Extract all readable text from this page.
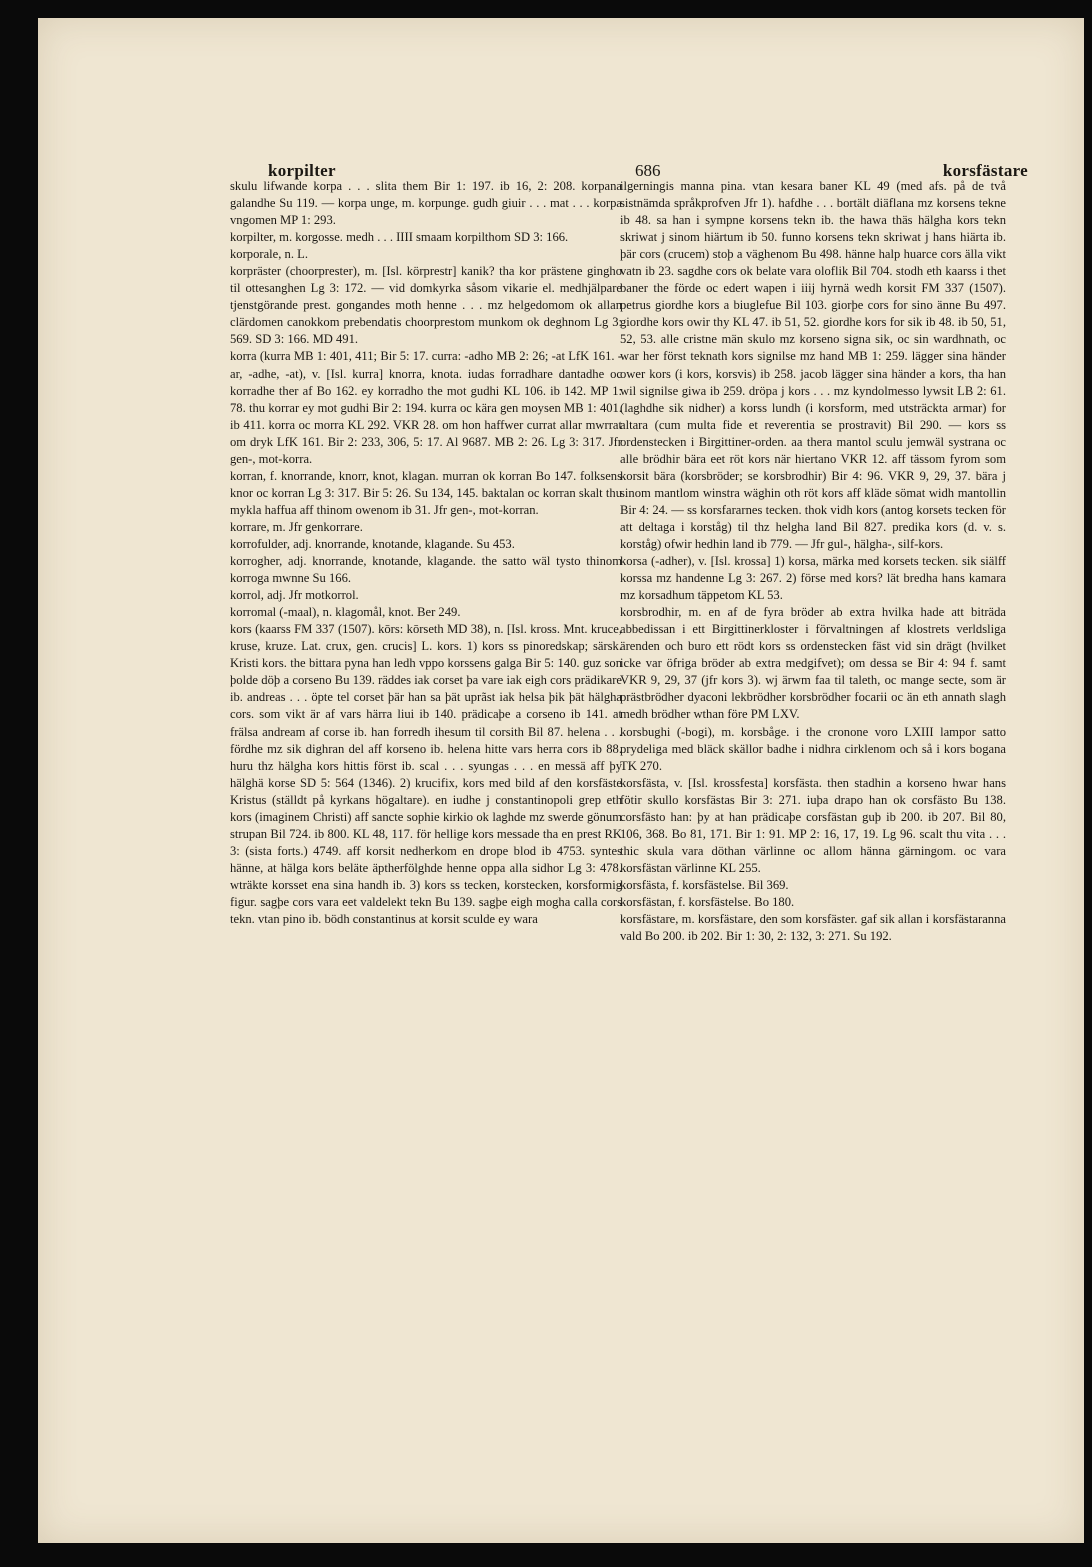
korpilter	686	korsfästare

skulu lifwande korpa . . . slita them Bir 1: 197. ib 16, 2: 208. korpana galandhe Su 119. — korpa unge, m. korpunge. gudh giuir . . . mat . . . korpa vngomen MP 1: 293.

korpilter, m. korgosse. medh . . . IIII smaam korpilthom SD 3: 166.

korporale, n. L.

korpräster (choorprester), m. [Isl. körprestr] kanik? tha kor prästene gingho til ottesanghen Lg 3: 172. — vid domkyrka såsom vikarie el. medhjälpare tjenstgörande prest. gongandes moth henne . . . mz helgedomom ok allan clärdomen canokkom prebendatis choorprestom munkom ok deghnom Lg 3: 569. SD 3: 166. MD 491.

korra (kurra MB 1: 401, 411; Bir 5: 17. curra: -adho MB 2: 26; -at LfK 161. -ar, -adhe, -at), v. [Isl. kurra] knorra, knota. iudas forradhare dantadhe oc korradhe ther af Bo 162. ey korradho the mot gudhi KL 106. ib 142. MP 1: 78. thu korrar ey mot gudhi Bir 2: 194. kurra oc kära gen moysen MB 1: 401. ib 411. korra oc morra KL 292. VKR 28. om hon haffwer currat allar mwrrat om dryk LfK 161. Bir 2: 233, 306, 5: 17. Al 9687. MB 2: 26. Lg 3: 317. Jfr gen-, mot-korra.

korran, f. knorrande, knorr, knot, klagan. murran ok korran Bo 147. folksens knor oc korran Lg 3: 317. Bir 5: 26. Su 134, 145. baktalan oc korran skalt thu mykla haffua aff thinom owenom ib 31. Jfr gen-, mot-korran.

korrare, m. Jfr genkorrare.

korrofulder, adj. knorrande, knotande, klagande. Su 453.

korrogher, adj. knorrande, knotande, klagande. the satto wäl tysto thinom korroga mwnne Su 166.

korrol, adj. Jfr motkorrol.

korromal (-maal), n. klagomål, knot. Ber 249.

kors (kaarss FM 337 (1507). kōrs: kōrseth MD 38), n. [Isl. kross. Mnt. kruce, kruse, kruze. Lat. crux, gen. crucis] L. kors. 1) kors ss pinoredskap; särsk. Kristi kors. the bittara pyna han ledh vppo korssens galga Bir 5: 140. guz son þolde döþ a corseno Bu 139. räddes iak corset þa vare iak eigh cors prädikare ib. andreas . . . öpte tel corset þär han sa þät uprãst iak helsa þik þät hälgha cors. som vikt är af vars härra liui ib 140. prädicaþe a corseno ib 141. at frälsa andream af corse ib. han forredh ihesum til corsith Bil 87. helena . . . fördhe mz sik dighran del aff korseno ib. helena hitte vars herra cors ib 88. huru thz hälgha kors hittis först ib. scal . . . syungas . . . en messä aff þy hälghä korse SD 5: 564 (1346). 2) krucifix, kors med bild af den korsfäste Kristus (ställdt på kyrkans högaltare). en iudhe j constantinopoli grep eth kors (imaginem Christi) aff sancte sophie kirkio ok laghde mz swerde gönum strupan Bil 724. ib 800. KL 48, 117. för hellige kors messade tha en prest RK 3: (sista forts.) 4749. aff korsit nedherkom en drope blod ib 4753. syntes hänne, at hälga kors beläte äptherfölghde henne oppa alla sidhor Lg 3: 478. wträkte korsset ena sina handh ib. 3) kors ss tecken, korstecken, korsformig figur. sagþe cors vara eet valdelekt tekn Bu 139. sagþe eigh mogha calla cors tekn. vtan pino ib. bödh constantinus at korsit sculde ey wara

ilgerningis manna pina. vtan kesara baner KL 49 (med afs. på de två sistnämda språkprofven Jfr 1). hafdhe . . . bortält diäflana mz korsens tekne ib 48. sa han i sympne korsens tekn ib. the hawa thäs hälgha kors tekn skriwat j sinom hiärtum ib 50. funno korsens tekn skriwat j hans hiärta ib. þär cors (crucem) stoþ a väghenom Bu 498. hänne halp huarce cors älla vikt vatn ib 23. sagdhe cors ok belate vara oloflik Bil 704. stodh eth kaarss i thet baner the förde oc edert wapen i iiij hyrnä wedh korsit FM 337 (1507). petrus giordhe kors a biuglefue Bil 103. giorþe cors for sino änne Bu 497. giordhe kors owir thy KL 47. ib 51, 52. giordhe kors for sik ib 48. ib 50, 51, 52, 53. alle cristne män skulo mz korseno signa sik, oc sin wardhnath, oc war her först teknath kors signilse mz hand MB 1: 259. lägger sina händer ower kors (i kors, korsvis) ib 258. jacob lägger sina händer a kors, tha han wil signilse giwa ib 259. dröpa j kors . . . mz kyndolmesso lywsit LB 2: 61. (laghdhe sik nidher) a korss lundh (i korsform, med utsträckta armar) for altara (cum multa fide et reverentia se prostravit) Bil 290. — kors ss ordenstecken i Birgittiner-orden. aa thera mantol sculu jemwäl systrana oc alle brödhir bära eet röt kors när hiertano VKR 12. aff tässom fyrom som korsit bära (korsbröder; se korsbrodhir) Bir 4: 96. VKR 9, 29, 37. bära j sinom mantlom winstra wäghin oth röt kors aff kläde sömat widh mantollin Bir 4: 24. — ss korsfararnes tecken. thok vidh kors (antog korsets tecken för att deltaga i korståg) til thz helgha land Bil 827. predika kors (d. v. s. korståg) ofwir hedhin land ib 779. — Jfr gul-, hälgha-, silf-kors.

korsa (-adher), v. [Isl. krossa] 1) korsa, märka med korsets tecken. sik siälff korssa mz handenne Lg 3: 267. 2) förse med kors? lät bredha hans kamara mz korsadhum täppetom KL 53.

korsbrodhir, m. en af de fyra bröder ab extra hvilka hade att biträda abbedissan i ett Birgittinerkloster i förvaltningen af klostrets verldsliga ärenden och buro ett rödt kors ss ordenstecken fäst vid sin drägt (hvilket icke var öfriga bröder ab extra medgifvet); om dessa se Bir 4: 94 f. samt VKR 9, 29, 37 (jfr kors 3). wj ärwm faa til taleth, oc mange secte, som är prästbrödher dyaconi lekbrödher korsbrödher focarii oc än eth annath slagh medh brödher wthan före PM LXV.

korsbughi (-bogi), m. korsbåge. i the cronone voro LXIII lampor satto prydeliga med bläck skällor badhe i nidhra cirklenom och så i kors bogana TK 270.

korsfästa, v. [Isl. krossfesta] korsfästa. then stadhin a korseno hwar hans fötir skullo korsfästas Bir 3: 271. iuþa drapo han ok corsfästo Bu 138. corsfästo han: þy at han prädicaþe corsfästan guþ ib 200. ib 207. Bil 80, 106, 368. Bo 81, 171. Bir 1: 91. MP 2: 16, 17, 19. Lg 96. scalt thu vita . . . thic skula vara döthan värlinne oc allom hänna gärningom. oc vara korsfästan värlinne KL 255.

korsfästa, f. korsfästelse. Bil 369.

korsfästan, f. korsfästelse. Bo 180.

korsfästare, m. korsfästare, den som korsfäster. gaf sik allan i korsfästaranna vald Bo 200. ib 202. Bir 1: 30, 2: 132, 3: 271. Su 192.
